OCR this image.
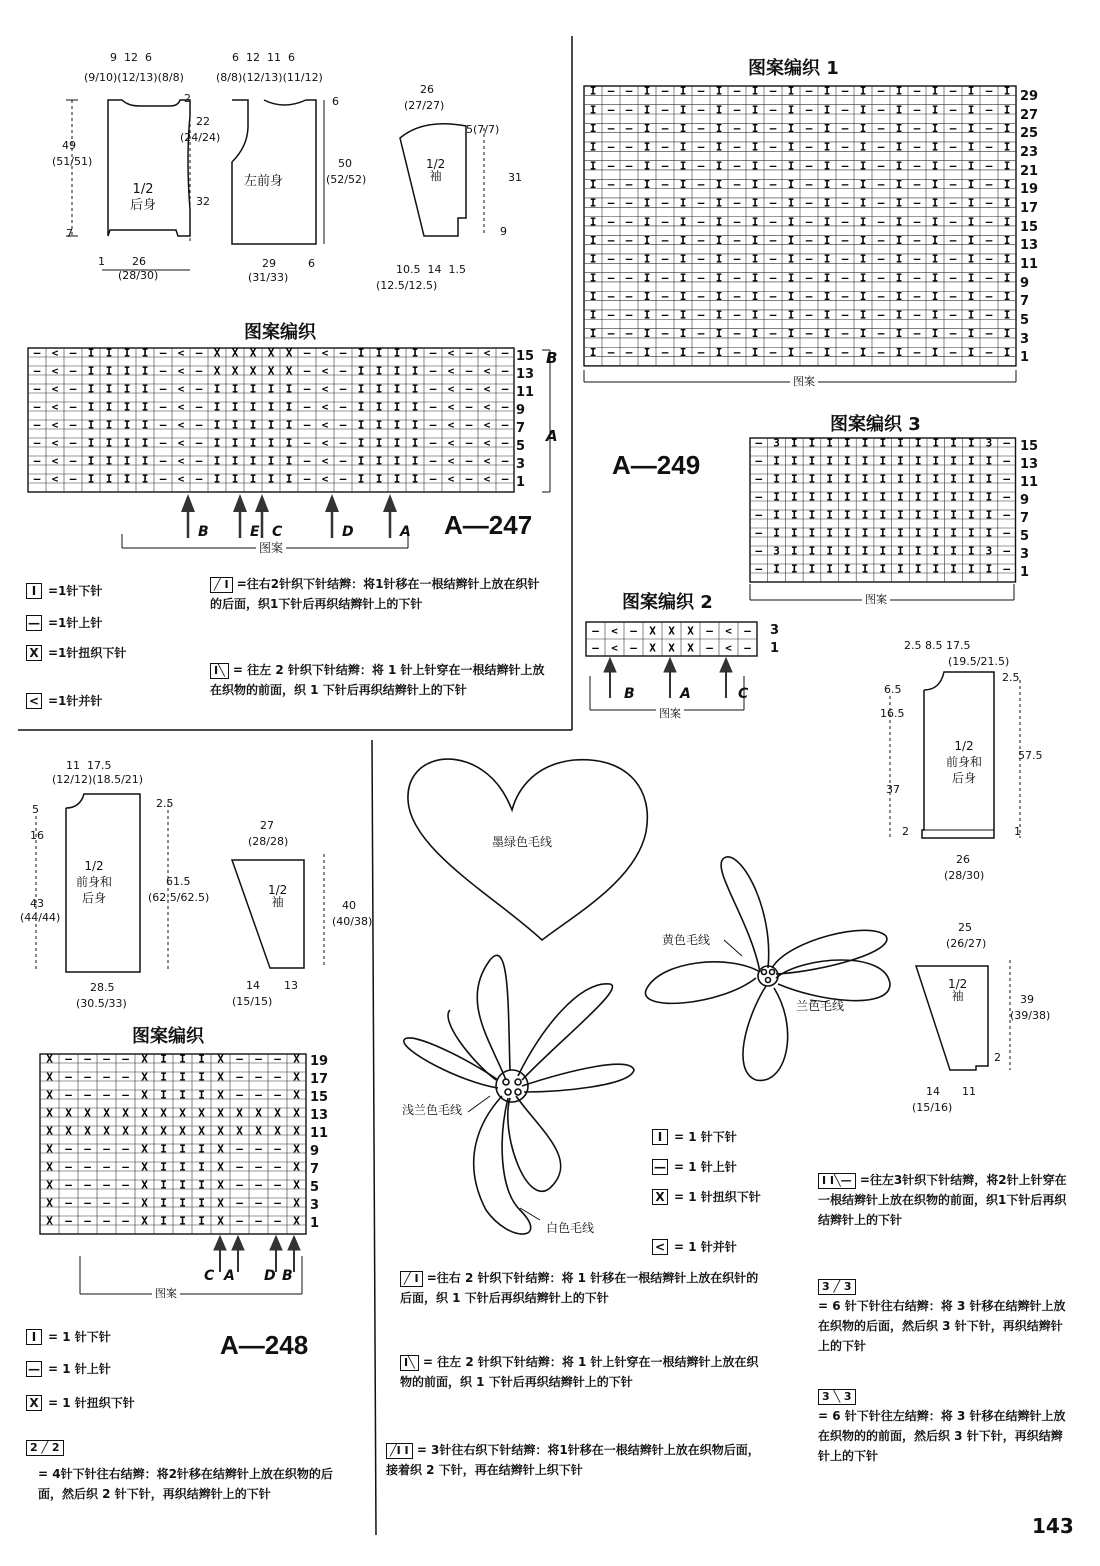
9 12 6
(9/10)(12/13)(8/8)
49
(51/51)
1/2
后身
7
1 26
(28/30)
6 12 11 6
(8/8)(12/13)(11/12)
2
22
(24/24)
32
6
50
(52/52)
左前身
29
(31/33)
6
26
(27/27)
5(7/7)
31
9
1/2
袖
10.5 14 1.5
(12.5/12.5)
图案编织
— < — I I I I — < — X X X X X — < — I I I I — < — < —
— < — I I I I — < — X X X X X — < — I I I I — < — < —
— < — I I I I — < — I I I I I — < — I I I I — < — < —
— < — I I I I — < — I I I I I — < — I I I I — < — < —
— < — I I I I — < — I I I I I — < — I I I I — < — < —
— < — I I I I — < — I I I I I — < — I I I I — < — < —
— < — I I I I — < — I I I I I — < — I I I I — < — < —
— < — I I I I — < — I I I I I — < — I I I I — < — < —
15
13
11
9
7
5
3
1
B
A
B	E C	D	A
图案
A—247
I =1针下针
— =1针上针
X =1针扭织下针
< =1针并针
╱ I =往右2针织下针结辫：将1针移在一根结辫针上放在织针的后面，织1下针后再织结辫针上的下针
I╲ = 往左 2 针织下针结辫：将 1 针上针穿在一根结辫针上放在织物的前面，织 1 下针后再织结辫针上的下针
图案编织 1
I — — I — I — I — I — I — I — I — I — I — I — I
I — — I — I — I — I — I — I — I — I — I — I — I
I — — I — I — I — I — I — I — I — I — I — I — I
I — — I — I — I — I — I — I — I — I — I — I — I
I — — I — I — I — I — I — I — I — I — I — I — I
I — — I — I — I — I — I — I — I — I — I — I — I
I — — I — I — I — I — I — I — I — I — I — I — I
I — — I — I — I — I — I — I — I — I — I — I — I
I — — I — I — I — I — I — I — I — I — I — I — I
I — — I — I — I — I — I — I — I — I — I — I — I
I — — I — I — I — I — I — I — I — I — I — I — I
I — — I — I — I — I — I — I — I — I — I — I — I
I — — I — I — I — I — I — I — I — I — I — I — I
I — — I — I — I — I — I — I — I — I — I — I — I
I — — I — I — I — I — I — I — I — I — I — I — I
29
27
25
23
21
19
17
15
13
11
9
7
5
3
1
图案
A—249
图案编织 3
— 3 I I I I I I I I I I I 3 —
— I I I I I I I I I I I I I —
— I I I I I I I I I I I I I —
— I I I I I I I I I I I I I —
— I I I I I I I I I I I I I —
— I I I I I I I I I I I I I —
— 3 I I I I I I I I I I I 3 —
— I I I I I I I I I I I I I —
15
13
11
9
7
5
3
1
图案
图案编织 2
— < — X X X — < —
— < — X X X — < —
3
1
B	A	C
图案
2.5 8.5 17.5
(19.5/21.5)
6.5
16.5
2.5
57.5
37
2	1
1/2
前身和
后身
26
(28/30)
25
(26/27)
1/2
袖	39
(39/38)
2
14 11
(15/16)
11 17.5
(12/12)(18.5/21)
5
16
2.5
43
(44/44)
61.5
(62.5/62.5)
1/2
前身和
后身
28.5
(30.5/33)
27
(28/28)
1/2
袖	40
(40/38)
14 13
(15/15)
图案编织
X — — — — X I I I X — — — X
X — — — — X I I I X — — — X
X — — — — X I I I X — — — X
X X X X X X X X X X X X X X
X X X X X X X X X X X X X X
X — — — — X I I I X — — — X
X — — — — X I I I X — — — X
X — — — — X I I I X — — — X
X — — — — X I I I X — — — X
X — — — — X I I I X — — — X
19
17
15
13
11
9
7
5
3
1
C A D B
图案
A—248
I = 1 针下针
— = 1 针上针
X = 1 针扭织下针
2 ╱ 2
= 4针下针往右结辫：将2针移在结辫针上放在织物的后面，然后织 2 针下针，再织结辫针上的下针
墨绿色毛线
黄色毛线
兰色毛线
浅兰色毛线
白色毛线
I = 1 针下针
— = 1 针上针
X = 1 针扭织下针
< = 1 针并针
╱ I =往右 2 针织下针结辫：将 1 针移在一根结辫针上放在织针的后面，织 1 下针后再织结辫针上的下针
I╲ = 往左 2 针织下针结辫：将 1 针上针穿在一根结辫针上放在织物的前面，织 1 下针后再织结辫针上的下针
╱I I = 3针往右织下针结辫：将1针移在一根结辫针上放在织物后面，接着织 2 下针，再在结辫针上织下针
I I╲— =往左3针织下针结辫，将2针上针穿在一根结辫针上放在织物的前面，织1下针后再织结辫针上的下针
3 ╱ 3
= 6 针下针往右结辫：将 3 针移在结辫针上放在织物的后面，然后织 3 针下针，再织结辫针上的下针
3 ╲ 3
= 6 针下针往左结辫：将 3 针移在结辫针上放在织物的的前面，然后织 3 针下针，再织结辫针上的下针
143
